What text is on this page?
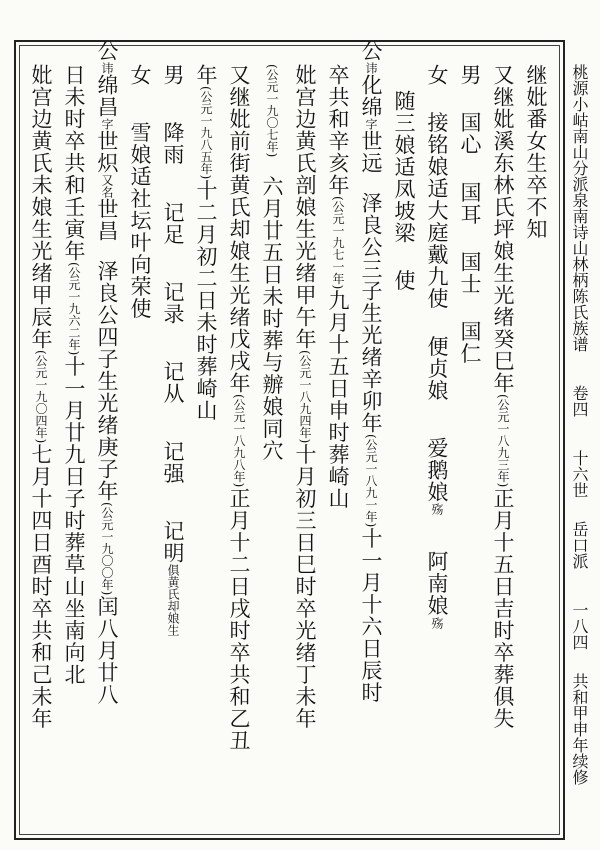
桃源小岵南山分派泉南诗山林柄陈氏族谱 卷四 十六世 岳口派 一八四 共和甲申年续修
继妣番女生卒不知
又继妣溪东林氏坪娘生光绪癸巳年(公元一八九三年)正月十五日吉时卒葬俱失
男 国心 国耳 国士 国仁
女 接铭娘适大庭戴九使 便贞娘 爱鹅娘殇 阿南娘殇
随三娘适凤坡梁 使
公讳化绵字世远泽良公三子生光绪辛卯年(公元一八九一年)十一月十六日辰时
卒共和辛亥年(公元一九七一年)九月十五日申时葬崎山
妣宫边黄氏剖娘生光绪甲午年(公元一八九四年)十月初三日巳时卒光绪丁未年
(公元一九〇七年)六月廿五日未时葬与辦娘同穴
又继妣前街黄氏却娘生光绪戊戌年(公元一八九八年)正月十二日戌时卒共和乙丑
年(公元一九八五年)十二月初二日未时葬崎山
男 降雨 记足 记录 记从 记强 记明俱黄氏却娘生
女 雪娘适社坛叶向荣使
公讳绵昌字世炽又名世昌泽良公四子生光绪庚子年(公元一九〇〇年)闰八月廿八
日未时卒共和壬寅年(公元一九六二年)十一月廿九日子时葬草山坐南向北
妣宫边黄氏未娘生光绪甲辰年(公元一九〇四年)七月十四日酉时卒共和己未年
